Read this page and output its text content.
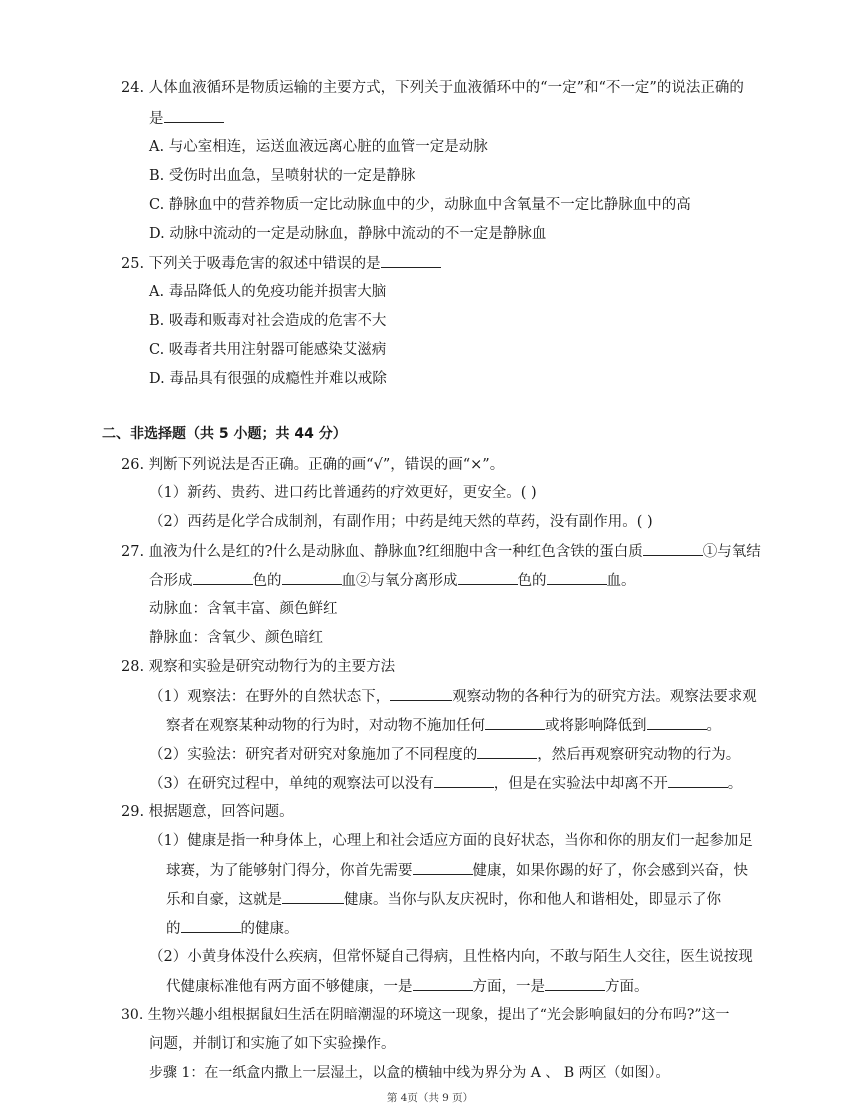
24. 人体血液循环是物质运输的主要方式，下列关于血液循环中的“一定”和“不一定”的说法正确的
是
A. 与心室相连，运送血液远离心脏的血管一定是动脉
B. 受伤时出血急，呈喷射状的一定是静脉
C. 静脉血中的营养物质一定比动脉血中的少，动脉血中含氧量不一定比静脉血中的高
D. 动脉中流动的一定是动脉血，静脉中流动的不一定是静脉血
25. 下列关于吸毒危害的叙述中错误的是
A. 毒品降低人的免疫功能并损害大脑
B. 吸毒和贩毒对社会造成的危害不大
C. 吸毒者共用注射器可能感染艾滋病
D. 毒品具有很强的成瘾性并难以戒除
二、非选择题（共 5 小题；共 44 分）
26. 判断下列说法是否正确。正确的画“√”，错误的画“×”。
（1）新药、贵药、进口药比普通药的疗效更好，更安全。( )
（2）西药是化学合成制剂，有副作用；中药是纯天然的草药，没有副作用。( )
27. 血液为什么是红的?什么是动脉血、静脉血?红细胞中含一种红色含铁的蛋白质	①与氧结
合形成	色的	血②与氧分离形成	色的	血。
动脉血：含氧丰富、颜色鲜红
静脉血：含氧少、颜色暗红
28. 观察和实验是研究动物行为的主要方法
（1）观察法：在野外的自然状态下，	观察动物的各种行为的研究方法。观察法要求观
察者在观察某种动物的行为时，对动物不施加任何	或将影响降低到	。
（2）实验法：研究者对研究对象施加了不同程度的	，然后再观察研究动物的行为。
（3）在研究过程中，单纯的观察法可以没有	，但是在实验法中却离不开	。
29. 根据题意，回答问题。
（1）健康是指一种身体上，心理上和社会适应方面的良好状态，当你和你的朋友们一起参加足
球赛，为了能够射门得分，你首先需要	健康，如果你踢的好了，你会感到兴奋，快
乐和自豪，这就是	健康。当你与队友庆祝时，你和他人和谐相处，即显示了你
的	的健康。
（2）小黄身体没什么疾病，但常怀疑自己得病，且性格内向，不敢与陌生人交往，医生说按现
代健康标准他有两方面不够健康，一是	方面，一是	方面。
30. 生物兴趣小组根据鼠妇生活在阴暗潮湿的环境这一现象，提出了“光会影响鼠妇的分布吗?”这一
问题，并制订和实施了如下实验操作。
步骤 1：在一纸盒内撒上一层湿土，以盒的横轴中线为界分为 A 、 B 两区（如图）。
第 4页（共 9 页）
